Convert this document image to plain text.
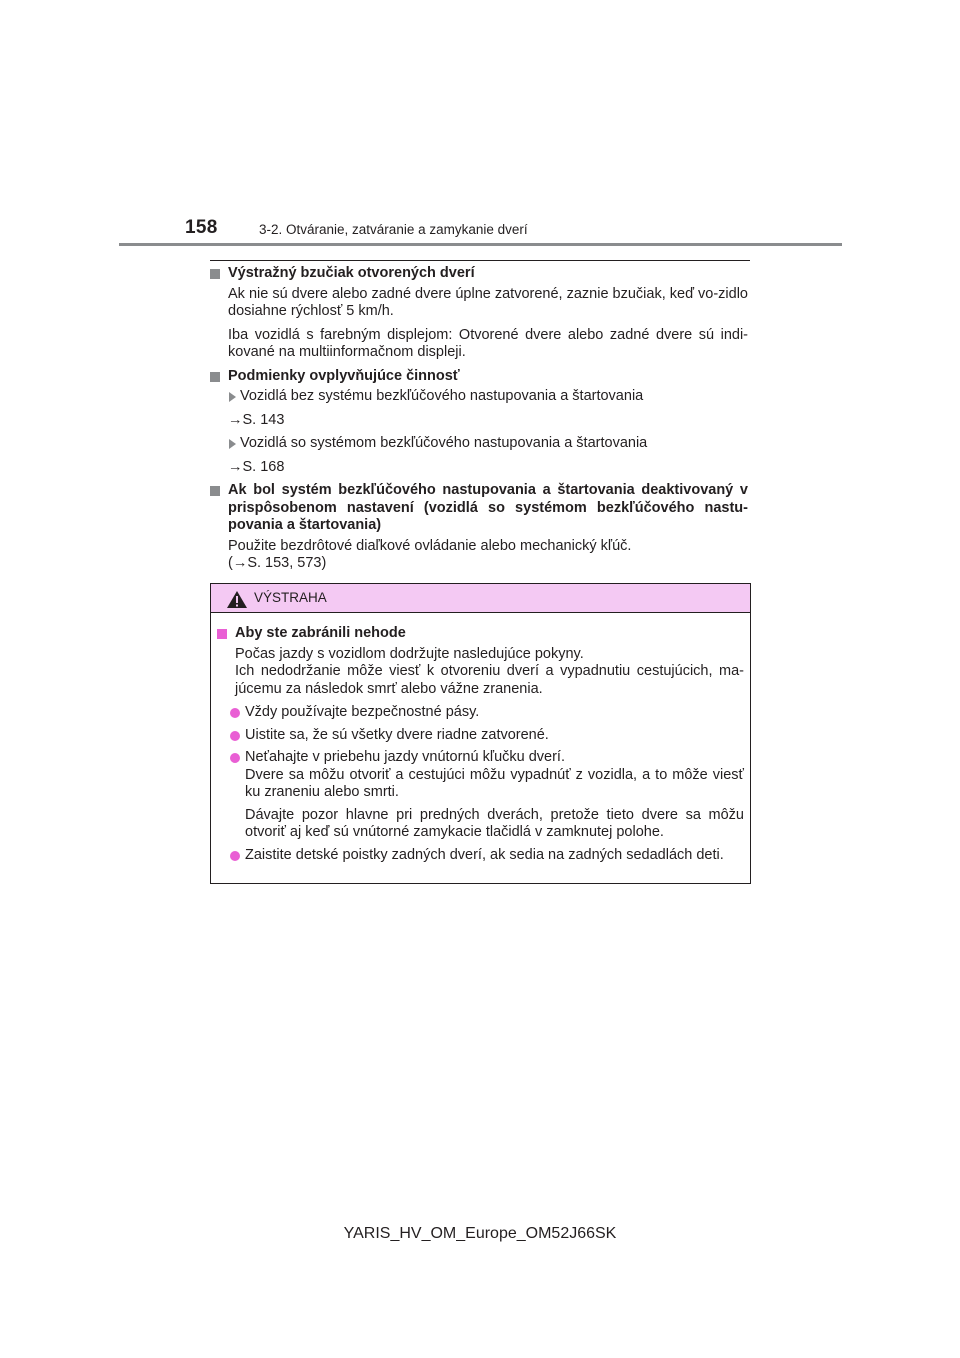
158	3-2. Otváranie, zatváranie a zamykanie dverí
Výstražný bzučiak otvorených dverí
Ak nie sú dvere alebo zadné dvere úplne zatvorené, zaznie bzučiak, keď vo-zidlo dosiahne rýchlosť 5 km/h.
Iba vozidlá s farebným displejom: Otvorené dvere alebo zadné dvere sú indi-kované na multiinformačnom displeji.
Podmienky ovplyvňujúce činnosť
Vozidlá bez systému bezkľúčového nastupovania a štartovania
→S. 143
Vozidlá so systémom bezkľúčového nastupovania a štartovania
→S. 168
Ak bol systém bezkľúčového nastupovania a štartovania deaktivovaný v prispôsobenom nastavení (vozidlá so systémom bezkľúčového nastu-povania a štartovania)
Použite bezdrôtové diaľkové ovládanie alebo mechanický kľúč.
(→S. 153, 573)
VÝSTRAHA
Aby ste zabránili nehode
Počas jazdy s vozidlom dodržujte nasledujúce pokyny.
Ich nedodržanie môže viesť k otvoreniu dverí a vypadnutiu cestujúcich, ma-júcemu za následok smrť alebo vážne zranenia.

Vždy používajte bezpečnostné pásy.

Uistite sa, že sú všetky dvere riadne zatvorené.

Neťahajte v priebehu jazdy vnútornú kľučku dverí.
Dvere sa môžu otvoriť a cestujúci môžu vypadnúť z vozidla, a to môže viesť ku zraneniu alebo smrti.

Dávajte pozor hlavne pri predných dverách, pretože tieto dvere sa môžu otvoriť aj keď sú vnútorné zamykacie tlačidlá v zamknutej polohe.

Zaistite detské poistky zadných dverí, ak sedia na zadných sedadlách deti.

YARIS_HV_OM_Europe_OM52J66SK
